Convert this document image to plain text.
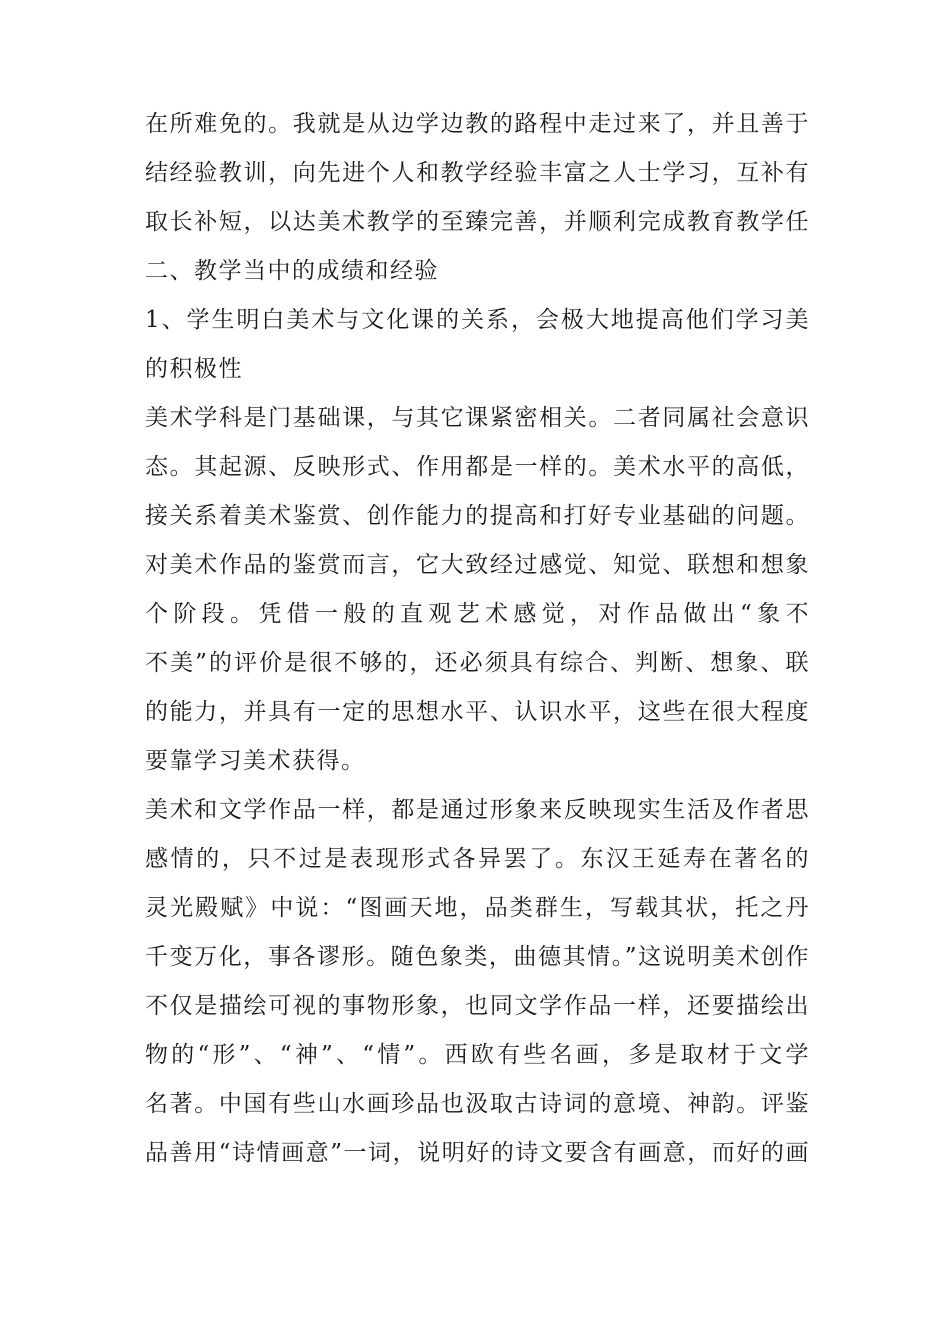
在所难免的。我就是从边学边教的路程中走过来了，并且善于
结经验教训，向先进个人和教学经验丰富之人士学习，互补有
取长补短，以达美术教学的至臻完善，并顺利完成教育教学任
二、教学当中的成绩和经验
1、学生明白美术与文化课的关系，会极大地提高他们学习美
的积极性
美术学科是门基础课，与其它课紧密相关。二者同属社会意识
态。其起源、反映形式、作用都是一样的。美术水平的高低，
接关系着美术鉴赏、创作能力的提高和打好专业基础的问题。
对美术作品的鉴赏而言，它大致经过感觉、知觉、联想和想象
个阶段。凭借一般的直观艺术感觉，对作品做出“象不
不美”的评价是很不够的，还必须具有综合、判断、想象、联
的能力，并具有一定的思想水平、认识水平，这些在很大程度
要靠学习美术获得。
美术和文学作品一样，都是通过形象来反映现实生活及作者思
感情的，只不过是表现形式各异罢了。东汉王延寿在著名的
灵光殿赋》中说：“图画天地，品类群生，写载其状，托之丹
千变万化，事各谬形。随色象类，曲德其情。”这说明美术创作
不仅是描绘可视的事物形象，也同文学作品一样，还要描绘出
物的“形”、“神”、“情”。西欧有些名画，多是取材于文学
名著。中国有些山水画珍品也汲取古诗词的意境、神韵。评鉴
品善用“诗情画意”一词，说明好的诗文要含有画意，而好的画
